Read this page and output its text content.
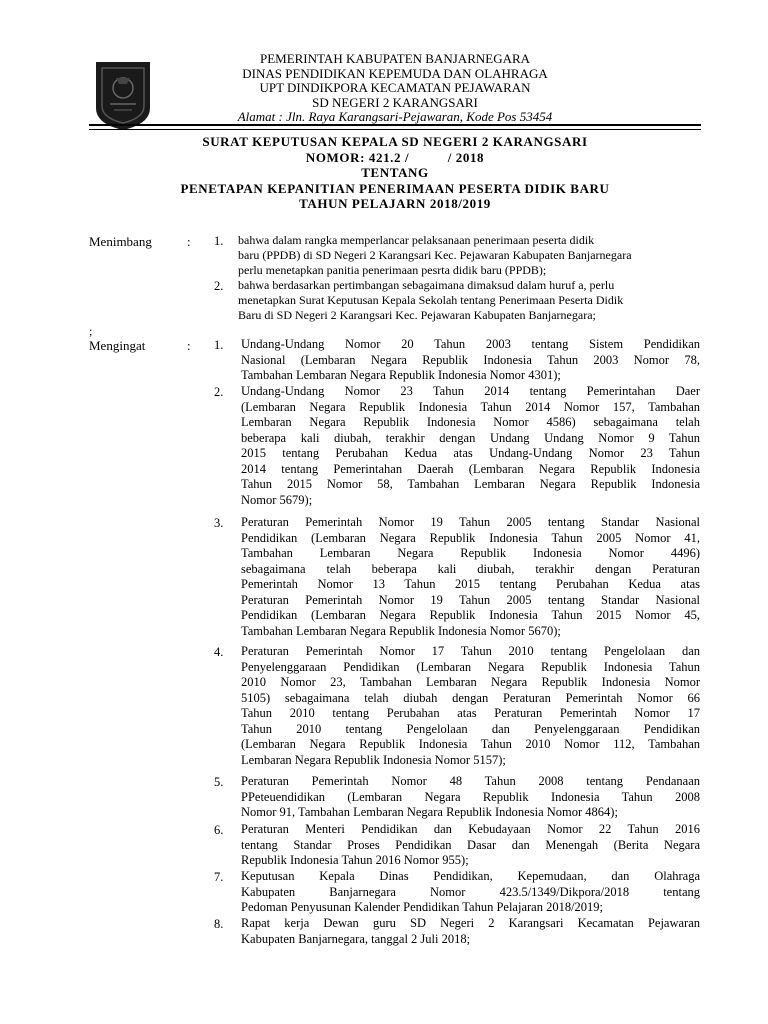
PEMERINTAH KABUPATEN BANJARNEGARA
DINAS PENDIDIKAN KEPEMUDA DAN OLAHRAGA
UPT DINDIKPORA KECAMATAN PEJAWARAN
SD NEGERI 2 KARANGSARI
Alamat : Jln. Raya Karangsari-Pejawaran, Kode Pos 53454
SURAT KEPUTUSAN KEPALA SD NEGERI 2 KARANGSARI
NOMOR: 421.2 /          / 2018
TENTANG
PENETAPAN KEPANITIAN PENERIMAAN PESERTA DIDIK BARU
TAHUN PELAJARN 2018/2019
Menimbang	: 1. bahwa dalam rangka memperlancar pelaksanaan penerimaan peserta didik
baru (PPDB) di SD Negeri 2 Karangsari Kec. Pejawaran Kabupaten Banjarnegara
perlu menetapkan panitia penerimaan pesrta didik baru (PPDB);
2. bahwa berdasarkan pertimbangan sebagaimana dimaksud dalam huruf a, perlu
menetapkan Surat Keputusan Kepala Sekolah tentang Penerimaan Peserta Didik
Baru di SD Negeri 2 Karangsari Kec. Pejawaran Kabupaten Banjarnegara;
;
Mengingat	: 1. Undang-Undang Nomor 20 Tahun 2003 tentang Sistem Pendidikan
Nasional (Lembaran Negara Republik Indonesia Tahun 2003 Nomor 78,
Tambahan Lembaran Negara Republik Indonesia Nomor 4301);
2. Undang-Undang Nomor 23 Tahun 2014 tentang Pemerintahan Daer
(Lembaran Negara Republik Indonesia Tahun 2014 Nomor 157, Tambahan
Lembaran Negara Republik Indonesia Nomor 4586) sebagaimana telah
beberapa kali diubah, terakhir dengan Undang Undang Nomor 9 Tahun
2015 tentang Perubahan Kedua atas Undang-Undang Nomor 23 Tahun
2014 tentang Pemerintahan Daerah (Lembaran Negara Republik Indonesia
Tahun 2015 Nomor 58, Tambahan Lembaran Negara Republik Indonesia
Nomor 5679);
3. Peraturan Pemerintah Nomor 19 Tahun 2005 tentang Standar Nasional
Pendidikan (Lembaran Negara Republik Indonesia Tahun 2005 Nomor 41,
Tambahan Lembaran Negara Republik Indonesia Nomor 4496)
sebagaimana telah beberapa kali diubah, terakhir dengan Peraturan
Pemerintah Nomor 13 Tahun 2015 tentang Perubahan Kedua atas
Peraturan Pemerintah Nomor 19 Tahun 2005 tentang Standar Nasional
Pendidikan (Lembaran Negara Republik Indonesia Tahun 2015 Nomor 45,
Tambahan Lembaran Negara Republik Indonesia Nomor 5670);
4. Peraturan Pemerintah Nomor 17 Tahun 2010 tentang Pengelolaan dan
Penyelenggaraan Pendidikan (Lembaran Negara Republik Indonesia Tahun
2010 Nomor 23, Tambahan Lembaran Negara Republik Indonesia Nomor
5105) sebagaimana telah diubah dengan Peraturan Pemerintah Nomor 66
Tahun 2010 tentang Perubahan atas Peraturan Pemerintah Nomor 17
Tahun 2010 tentang Pengelolaan dan Penyelenggaraan Pendidikan
(Lembaran Negara Republik Indonesia Tahun 2010 Nomor 112, Tambahan
Lembaran Negara Republik Indonesia Nomor 5157);
5. Peraturan Pemerintah Nomor 48 Tahun 2008 tentang Pendanaan
PPeteuendidikan (Lembaran Negara Republik Indonesia Tahun 2008
Nomor 91, Tambahan Lembaran Negara Republik Indonesia Nomor 4864);
6. Peraturan Menteri Pendidikan dan Kebudayaan Nomor 22 Tahun 2016
tentang Standar Proses Pendidikan Dasar dan Menengah (Berita Negara
Republik Indonesia Tahun 2016 Nomor 955);
7. Keputusan Kepala Dinas Pendidikan, Kepemudaan, dan Olahraga
Kabupaten Banjarnegara Nomor 423.5/1349/Dikpora/2018 tentang
Pedoman Penyusunan Kalender Pendidikan Tahun Pelajaran 2018/2019;
8. Rapat kerja Dewan guru SD Negeri 2 Karangsari Kecamatan Pejawaran
Kabupaten Banjarnegara, tanggal 2 Juli 2018;
